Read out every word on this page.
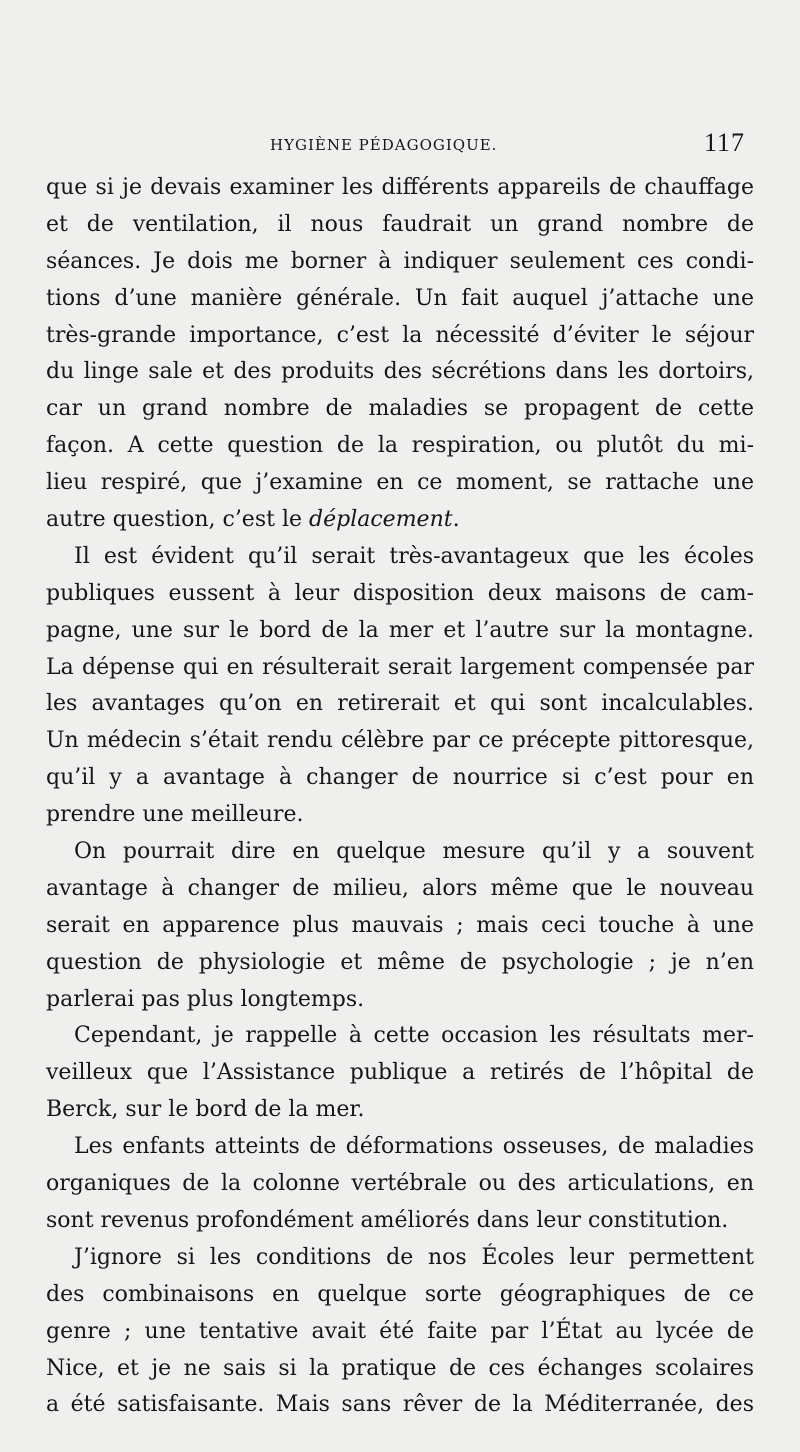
HYGIÈNE PÉDAGOGIQUE.	117
que si je devais examiner les différents appareils de chauffage
et de ventilation, il nous faudrait un grand nombre de
séances. Je dois me borner à indiquer seulement ces condi-
tions d’une manière générale. Un fait auquel j’attache une
très-grande importance, c’est la nécessité d’éviter le séjour
du linge sale et des produits des sécrétions dans les dortoirs,
car un grand nombre de maladies se propagent de cette
façon. A cette question de la respiration, ou plutôt du mi-
lieu respiré, que j’examine en ce moment, se rattache une
autre question, c’est le déplacement.
Il est évident qu’il serait très-avantageux que les écoles
publiques eussent à leur disposition deux maisons de cam-
pagne, une sur le bord de la mer et l’autre sur la montagne.
La dépense qui en résulterait serait largement compensée par
les avantages qu’on en retirerait et qui sont incalculables.
Un médecin s’était rendu célèbre par ce précepte pittoresque,
qu’il y a avantage à changer de nourrice si c’est pour en
prendre une meilleure.
On pourrait dire en quelque mesure qu’il y a souvent
avantage à changer de milieu, alors même que le nouveau
serait en apparence plus mauvais ; mais ceci touche à une
question de physiologie et même de psychologie ; je n’en
parlerai pas plus longtemps.
Cependant, je rappelle à cette occasion les résultats mer-
veilleux que l’Assistance publique a retirés de l’hôpital de
Berck, sur le bord de la mer.
Les enfants atteints de déformations osseuses, de maladies
organiques de la colonne vertébrale ou des articulations, en
sont revenus profondément améliorés dans leur constitution.
J’ignore si les conditions de nos Écoles leur permettent
des combinaisons en quelque sorte géographiques de ce
genre ; une tentative avait été faite par l’État au lycée de
Nice, et je ne sais si la pratique de ces échanges scolaires
a été satisfaisante. Mais sans rêver de la Méditerranée, des
